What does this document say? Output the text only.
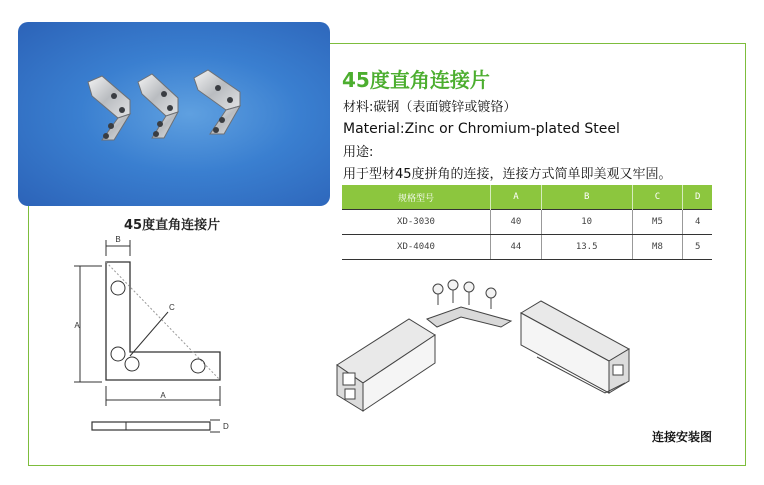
45度直角连接片
45度直角连接片
材料:碳钢（表面镀锌或镀铬）
Material:Zinc or Chromium-plated Steel
用途:
用于型材45度拼角的连接，连接方式简单即美观又牢固。
规格型号	A	B	C	D
XD-3030	40	10	M5	4
XD-4040	44	13.5	M8	5
B
A
C
A
D
连接安装图
